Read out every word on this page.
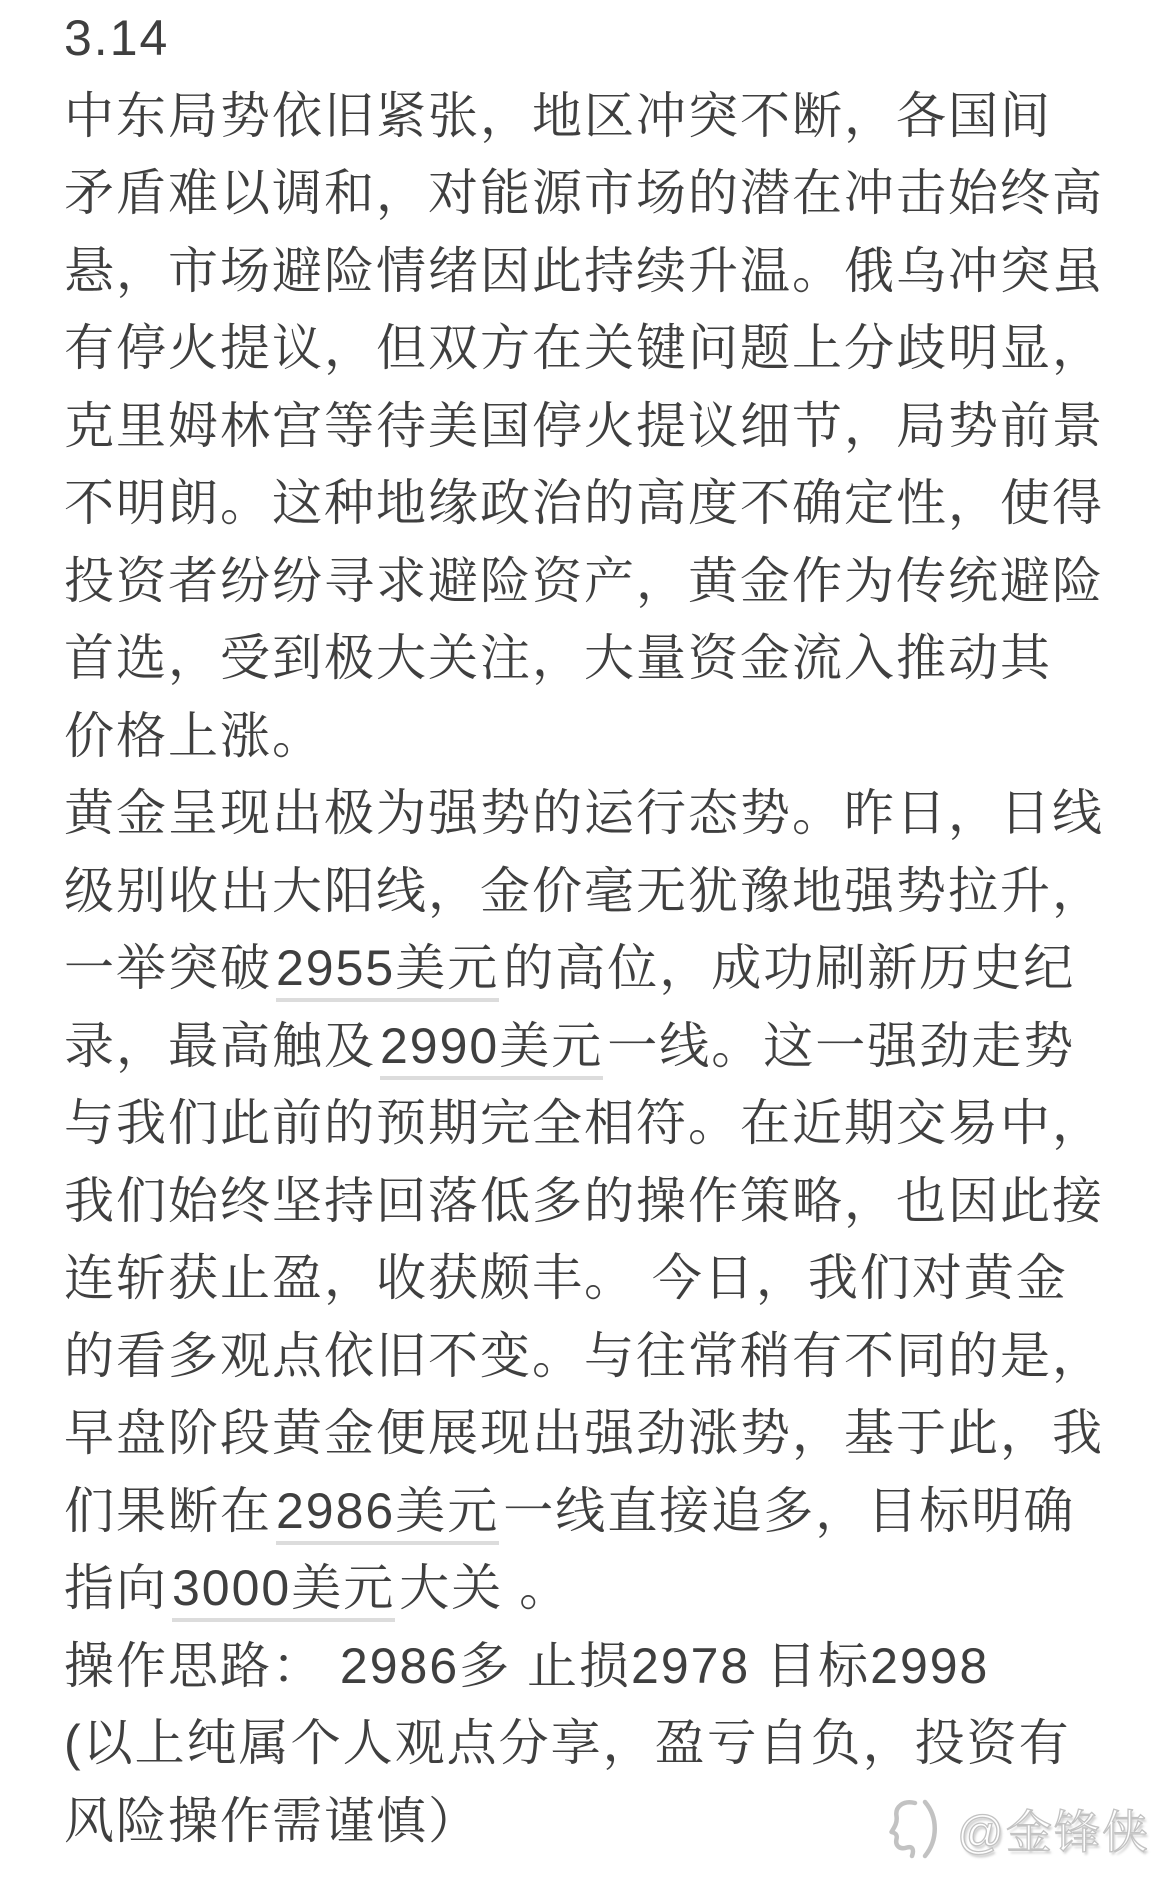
3.14
中东局势依旧紧张，地区冲突不断，各国间
矛盾难以调和，对能源市场的潜在冲击始终高
悬，市场避险情绪因此持续升温。俄乌冲突虽
有停火提议，但双方在关键问题上分歧明显，
克里姆林宫等待美国停火提议细节，局势前景
不明朗。这种地缘政治的高度不确定性，使得
投资者纷纷寻求避险资产，黄金作为传统避险
首选，受到极大关注，大量资金流入推动其
价格上涨。
黄金呈现出极为强势的运行态势。昨日，日线
级别收出大阳线，金价毫无犹豫地强势拉升，
一举突破2955美元的高位，成功刷新历史纪
录，最高触及2990美元一线。这一强劲走势
与我们此前的预期完全相符。在近期交易中，
我们始终坚持回落低多的操作策略，也因此接
连斩获止盈，收获颇丰。 今日，我们对黄金
的看多观点依旧不变。与往常稍有不同的是，
早盘阶段黄金便展现出强劲涨势，基于此，我
们果断在2986美元一线直接追多，目标明确
指向3000美元大关 。
操作思路： 2986多 止损2978 目标2998
(以上纯属个人观点分享，盈亏自负，投资有
风险操作需谨慎）	@金锋侠
